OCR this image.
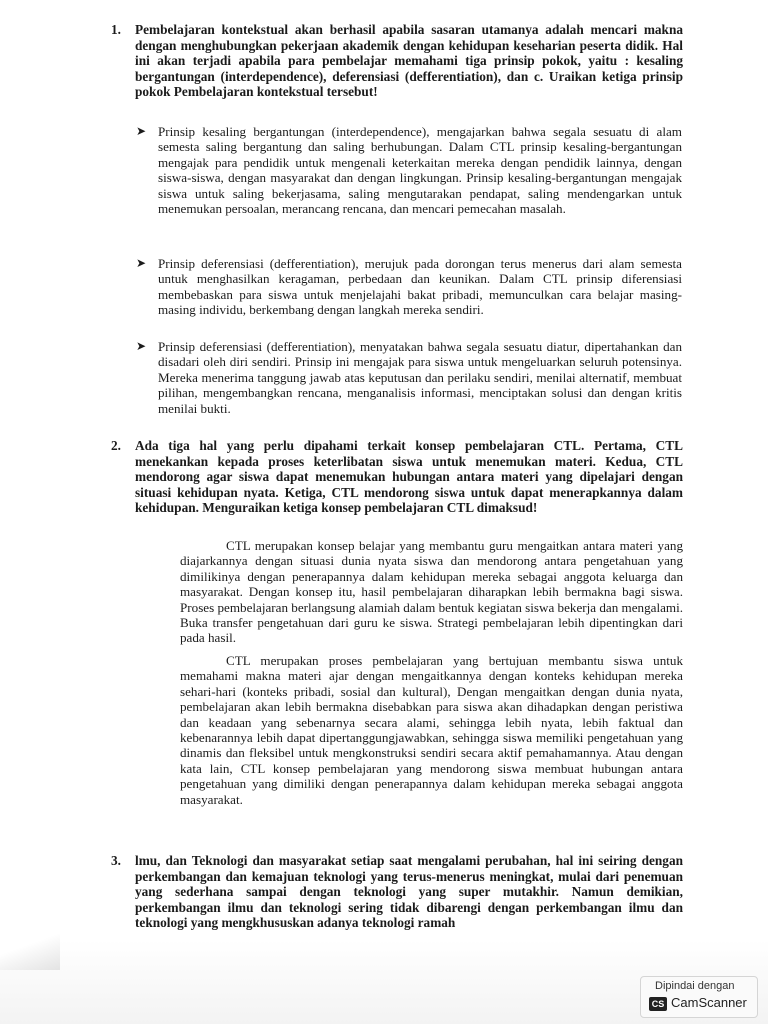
1. Pembelajaran kontekstual akan berhasil apabila sasaran utamanya adalah mencari makna dengan menghubungkan pekerjaan akademik dengan kehidupan keseharian peserta didik. Hal ini akan terjadi apabila para pembelajar memahami tiga prinsip pokok, yaitu : kesaling bergantungan (interdependence), deferensiasi (defferentiation), dan c. Uraikan ketiga prinsip pokok Pembelajaran kontekstual tersebut!
➤ Prinsip kesaling bergantungan (interdependence), mengajarkan bahwa segala sesuatu di alam semesta saling bergantung dan saling berhubungan. Dalam CTL prinsip kesaling-bergantungan mengajak para pendidik untuk mengenali keterkaitan mereka dengan pendidik lainnya, dengan siswa-siswa, dengan masyarakat dan dengan lingkungan. Prinsip kesaling-bergantungan mengajak siswa untuk saling bekerjasama, saling mengutarakan pendapat, saling mendengarkan untuk menemukan persoalan, merancang rencana, dan mencari pemecahan masalah.
➤ Prinsip deferensiasi (defferentiation), merujuk pada dorongan terus menerus dari alam semesta untuk menghasilkan keragaman, perbedaan dan keunikan. Dalam CTL prinsip diferensiasi membebaskan para siswa untuk menjelajahi bakat pribadi, memunculkan cara belajar masing-masing individu, berkembang dengan langkah mereka sendiri.
➤ Prinsip deferensiasi (defferentiation), menyatakan bahwa segala sesuatu diatur, dipertahankan dan disadari oleh diri sendiri. Prinsip ini mengajak para siswa untuk mengeluarkan seluruh potensinya. Mereka menerima tanggung jawab atas keputusan dan perilaku sendiri, menilai alternatif, membuat pilihan, mengembangkan rencana, menganalisis informasi, menciptakan solusi dan dengan kritis menilai bukti.
2. Ada tiga hal yang perlu dipahami terkait konsep pembelajaran CTL. Pertama, CTL menekankan kepada proses keterlibatan siswa untuk menemukan materi. Kedua, CTL mendorong agar siswa dapat menemukan hubungan antara materi yang dipelajari dengan situasi kehidupan nyata. Ketiga, CTL mendorong siswa untuk dapat menerapkannya dalam kehidupan. Menguraikan ketiga konsep pembelajaran CTL dimaksud!

CTL merupakan konsep belajar yang membantu guru mengaitkan antara materi yang diajarkannya dengan situasi dunia nyata siswa dan mendorong antara pengetahuan yang dimilikinya dengan penerapannya dalam kehidupan mereka sebagai anggota keluarga dan masyarakat. Dengan konsep itu, hasil pembelajaran diharapkan lebih bermakna bagi siswa. Proses pembelajaran berlangsung alamiah dalam bentuk kegiatan siswa bekerja dan mengalami. Buka transfer pengetahuan dari guru ke siswa. Strategi pembelajaran lebih dipentingkan dari pada hasil.

CTL merupakan proses pembelajaran yang bertujuan membantu siswa untuk memahami makna materi ajar dengan mengaitkannya dengan konteks kehidupan mereka sehari-hari (konteks pribadi, sosial dan kultural), Dengan mengaitkan dengan dunia nyata, pembelajaran akan lebih bermakna disebabkan para siswa akan dihadapkan dengan peristiwa dan keadaan yang sebenarnya secara alami, sehingga lebih nyata, lebih faktual dan kebenarannya lebih dapat dipertanggungjawabkan, sehingga siswa memiliki pengetahuan yang dinamis dan fleksibel untuk mengkonstruksi sendiri secara aktif pemahamannya. Atau dengan kata lain, CTL konsep pembelajaran yang mendorong siswa membuat hubungan antara pengetahuan yang dimiliki dengan penerapannya dalam kehidupan mereka sebagai anggota masyarakat.

3. lmu, dan Teknologi dan masyarakat setiap saat mengalami perubahan, hal ini seiring dengan perkembangan dan kemajuan teknologi yang terus-menerus meningkat, mulai dari penemuan yang sederhana sampai dengan teknologi yang super mutakhir. Namun demikian, perkembangan ilmu dan teknologi sering tidak dibarengi dengan perkembangan ilmu dan teknologi yang mengkhususkan adanya teknologi ramah
Dipindai dengan
CS CamScanner
